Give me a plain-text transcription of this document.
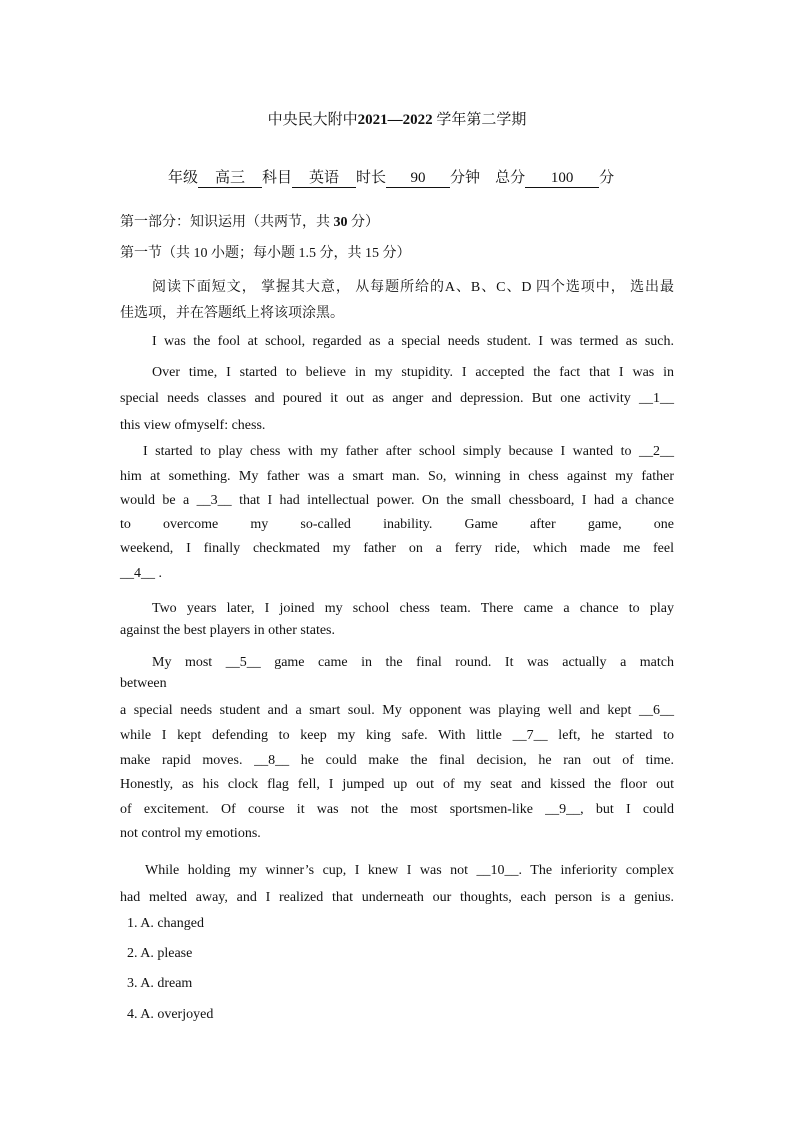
中央民大附中2021—2022 学年第二学期
年级 高三 科目 英语 时长 90 分钟 总分 100 分
第一部分：知识运用（共两节，共 30 分）
第一节（共 10 小题；每小题 1.5 分，共 15 分）
阅读下面短文， 掌握其大意， 从每题所给的A、B、C、D 四个选项中， 选出最
佳选项，并在答题纸上将该项涂黑。
I was the fool at school, regarded as a special needs student. I was termed as such.
Over time, I started to believe in my stupidity. I accepted the fact that I was in
special needs classes and poured it out as anger and depression. But one activity __1__
this view ofmyself: chess.
I started to play chess with my father after school simply because I wanted to __2__
him at something. My father was a smart man. So, winning in chess against my father
would be a __3__ that I had intellectual power. On the small chessboard, I had a chance
to overcome my so-called inability. Game after game, one
weekend, I finally checkmated my father on a ferry ride, which made me feel
__4__ .
Two years later, I joined my school chess team. There came a chance to play
against the best players in other states.
My most __5__ game came in the final round. It was actually a match
between
a special needs student and a smart soul. My opponent was playing well and kept __6__
while I kept defending to keep my king safe. With little __7__ left, he started to
make rapid moves. __8__ he could make the final decision, he ran out of time.
Honestly, as his clock flag fell, I jumped up out of my seat and kissed the floor out
of excitement. Of course it was not the most sportsmen-like __9__, but I could
not control my emotions.
While holding my winner’s cup, I knew I was not __10__. The inferiority complex
had melted away, and I realized that underneath our thoughts, each person is a genius.
1. A. changed
2. A. please
3. A. dream
4. A. overjoyed
